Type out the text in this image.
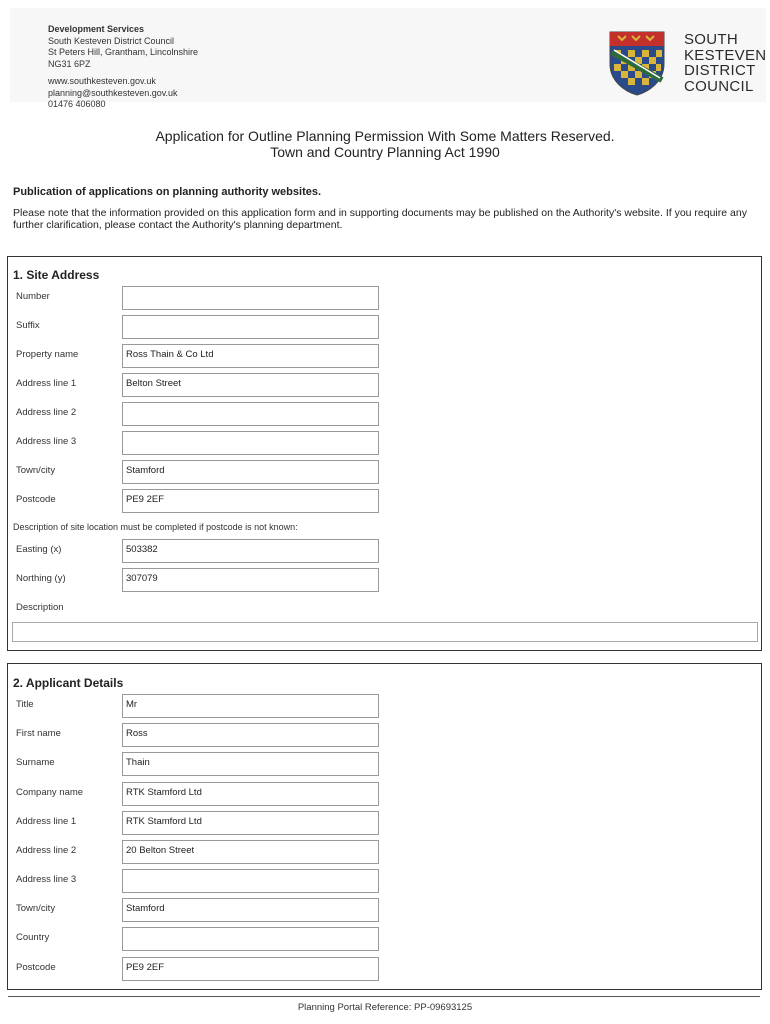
Development Services
South Kesteven District Council
St Peters Hill, Grantham, Lincolnshire
NG31 6PZ
www.southkesteven.gov.uk
planning@southkesteven.gov.uk
01476 406080
SOUTH
KESTEVEN
DISTRICT
COUNCIL
Application for Outline Planning Permission With Some Matters Reserved.
Town and Country Planning Act 1990
Publication of applications on planning authority websites.
Please note that the information provided on this application form and in supporting documents may be published on the Authority's website. If you require any further clarification, please contact the Authority's planning department.
1. Site Address
Number
Suffix
Property name	Ross Thain & Co Ltd
Address line 1	Belton Street
Address line 2
Address line 3
Town/city	Stamford
Postcode	PE9 2EF
Description of site location must be completed if postcode is not known:
Easting (x)	503382
Northing (y)	307079
Description
2. Applicant Details
Title	Mr
First name	Ross
Surname	Thain
Company name	RTK Stamford Ltd
Address line 1	RTK Stamford Ltd
Address line 2	20 Belton Street
Address line 3
Town/city	Stamford
Country
Postcode	PE9 2EF
Planning Portal Reference: PP-09693125
